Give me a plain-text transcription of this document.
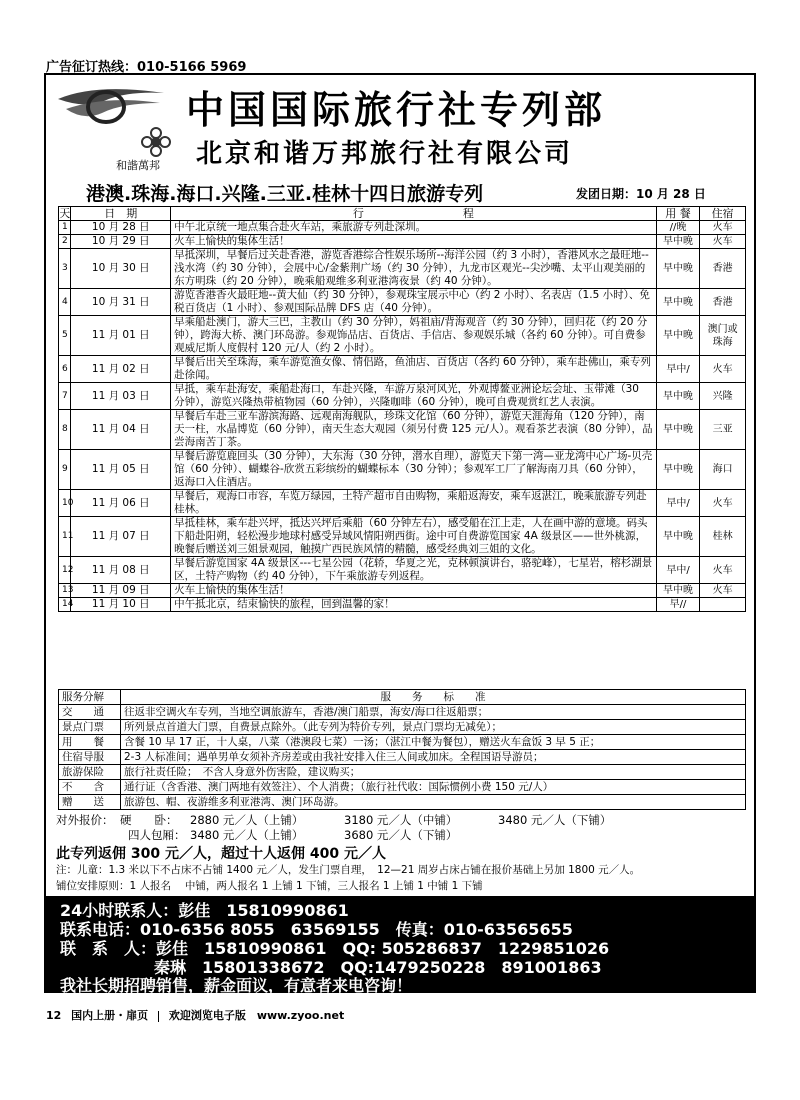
广告征订热线：010-5166 5969
和諧萬邦
中国国际旅行社专列部
北京和谐万邦旅行社有限公司
港澳.珠海.海口.兴隆.三亚.桂林十四日旅游专列	发团日期：10 月 28 日
天	日　期	行　　　　　　　　　程	用 餐	住宿
1	10 月 28 日	中午北京统一地点集合赴火车站，乘旅游专列赴深圳。	//晚	火车
2	10 月 29 日	火车上愉快的集体生活！	早中晚	火车
3	10 月 30 日	早抵深圳，早餐后过关赴香港，游览香港综合性娱乐场所--海洋公园（约 3 小时），香港风水之最旺地--浅水湾（约 30 分钟），会展中心/金紫荆广场（约 30 分钟），九龙市区观光--尖沙嘴、太平山观美丽的东方明珠（约 20 分钟），晚乘船观维多利亚港湾夜景（约 40 分钟）。	早中晚	香港
4	10 月 31 日	游览香港香火最旺地--黄大仙（约 30 分钟），参观珠宝展示中心（约 2 小时）、名表店（1.5 小时）、免税百货店（1 小时）、参观国际品牌 DFS 店（40 分钟）。	早中晚	香港
5	11 月 01 日	早乘船赴澳门，游大三巴，主教山（约 30 分钟），妈祖庙/背海观音（约 30 分钟），回归花（约 20 分钟），跨海大桥、澳门环岛游。参观饰品店、百货店、手信店、参观娱乐城（各约 60 分钟）。可自费参观威尼斯人度假村 120 元/人（约 2 小时）。	早中晚	澳门或珠海
6	11 月 02 日	早餐后出关至珠海，乘车游览渔女像、情侣路，鱼油店、百货店（各约 60 分钟），乘车赴佛山，乘专列赴徐闻。	早中/	火车
7	11 月 03 日	早抵，乘车赴海安，乘船赴海口，车赴兴隆，车游万泉河风光，外观博鳌亚洲论坛会址、玉带滩（30 分钟），游览兴隆热带植物园（60 分钟），兴隆咖啡（60 分钟），晚可自费观赏红艺人表演。	早中晚	兴隆
8	11 月 04 日	早餐后车赴三亚车游滨海路、远观南海舰队，珍珠文化馆（60 分钟），游览天涯海角（120 分钟），南天一柱，水晶博览（60 分钟），南天生态大观园（须另付费 125 元/人）。观看茶艺表演（80 分钟），品尝海南苦丁茶。	早中晚	三亚
9	11 月 05 日	早餐后游览鹿回头（30 分钟），大东海（30 分钟，潜水自理），游览天下第一湾—亚龙湾中心广场-贝壳馆（60 分钟）、蝴蝶谷-欣赏五彩缤纷的蝴蝶标本（30 分钟）；参观军工厂了解海南刀具（60 分钟），返海口入住酒店。	早中晚	海口
10	11 月 06 日	早餐后，观海口市容，车览万绿园，土特产超市自由购物，乘船返海安，乘车返湛江，晚乘旅游专列赴桂林。	早中/	火车
11	11 月 07 日	早抵桂林，乘车赴兴坪，抵达兴坪后乘船（60 分钟左右），感受船在江上走，人在画中游的意境。码头下船赴阳朔，轻松漫步地球村感受异域风情阳朔西街。途中可自费游览国家 4A 级景区——世外桃源，晚餐后赠送刘三姐景观园，触摸广西民族风情的精髓，感受经典刘三姐的文化。	早中晚	桂林
12	11 月 08 日	早餐后游览国家 4A 级景区---七星公园（花轿，华夏之光，克林顿演讲台，骆驼峰），七星岩，榕杉湖景区，土特产购物（约 40 分钟），下午乘旅游专列返程。	早中/	火车
13	11 月 09 日	火车上愉快的集体生活！	早中晚	火车
14	11 月 10 日	中午抵北京，结束愉快的旅程，回到温馨的家！	早//	
服务分解	服　　务　　标　　准
交　　通	往返非空调火车专列，当地空调旅游车，香港/澳门船票，海安/海口往返船票；
景点门票	所列景点首道大门票，自费景点除外。（此专列为特价专列，景点门票均无减免）；
用　　餐	含餐 10 早 17 正，十人桌，八菜（港澳段七菜）一汤；（湛江中餐为餐包），赠送火车盒饭 3 早 5 正；
住宿导服	2-3 人标准间；遇单男单女须补齐房差或由我社安排入住三人间或加床。全程国语导游员；
旅游保险	旅行社责任险；　不含人身意外伤害险，建议购买；
不　　含	通行证（含香港、澳门两地有效签注）、个人消费；（旅行社代收：国际惯例小费 150 元/人）
赠　　送	旅游包、帽、夜游维多利亚港湾、澳门环岛游。
对外报价： 硬　　卧： 2880 元／人（上铺）	3180 元／人（中铺）	3480 元／人（下铺）
四人包厢： 3480 元／人（上铺）	3680 元／人（下铺）
此专列返佣 300 元／人，超过十人返佣 400 元／人
注：儿童：1.3 米以下不占床不占铺 1400 元／人，发生门票自理，　12—21 周岁占床占铺在报价基础上另加 1800 元／人。
铺位安排原则：1 人报名　 中铺，两人报名 1 上铺 1 下铺，三人报名 1 上铺 1 中铺 1 下铺
24小时联系人：彭佳　15810990861
联系电话：010-6356 8055　63569155　传真：010-63565655
联　系　人：彭佳　15810990861　QQ: 505286837　1229851026
秦琳　15801338672　QQ:1479250228　891001863
我社长期招聘销售，薪金面议，有意者来电咨询！
12 国内上册・扉页 欢迎浏览电子版　www.zyoo.net
